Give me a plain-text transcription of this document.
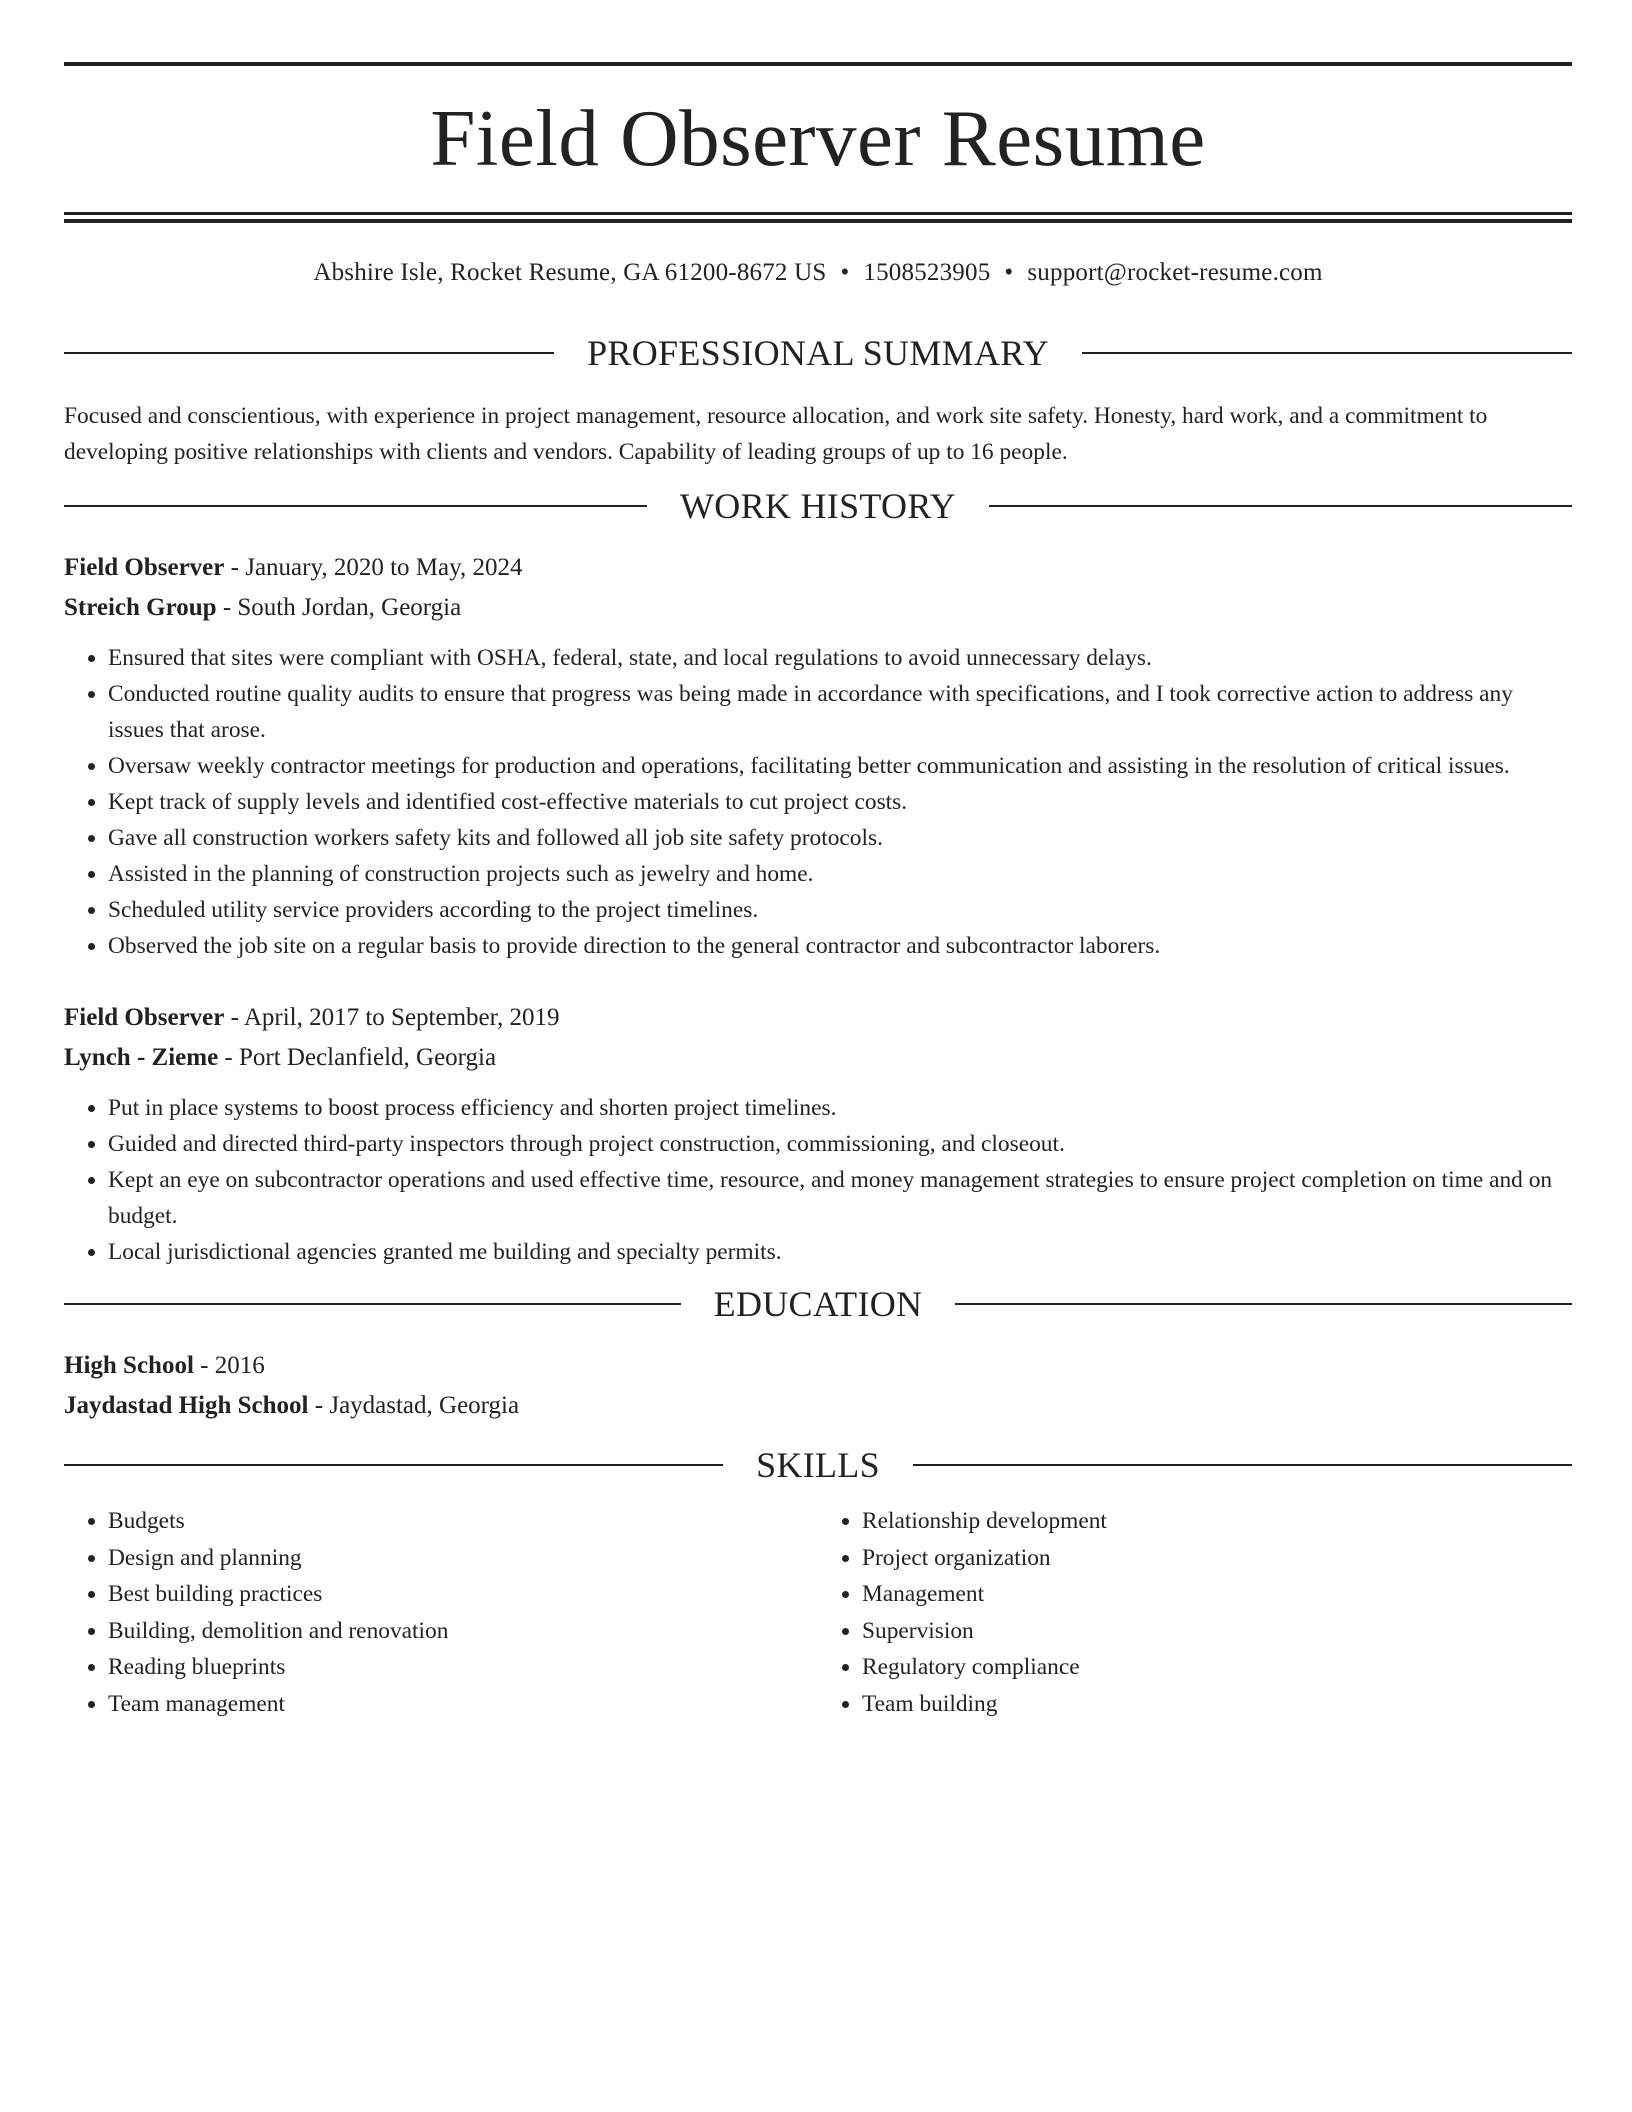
Field Observer Resume
Abshire Isle, Rocket Resume, GA 61200-8672 US • 1508523905 • support@rocket-resume.com
PROFESSIONAL SUMMARY
Focused and conscientious, with experience in project management, resource allocation, and work site safety. Honesty, hard work, and a commitment to developing positive relationships with clients and vendors. Capability of leading groups of up to 16 people.
WORK HISTORY
Field Observer - January, 2020 to May, 2024
Streich Group - South Jordan, Georgia
• Ensured that sites were compliant with OSHA, federal, state, and local regulations to avoid unnecessary delays.
• Conducted routine quality audits to ensure that progress was being made in accordance with specifications, and I took corrective action to address any issues that arose.
• Oversaw weekly contractor meetings for production and operations, facilitating better communication and assisting in the resolution of critical issues.
• Kept track of supply levels and identified cost-effective materials to cut project costs.
• Gave all construction workers safety kits and followed all job site safety protocols.
• Assisted in the planning of construction projects such as jewelry and home.
• Scheduled utility service providers according to the project timelines.
• Observed the job site on a regular basis to provide direction to the general contractor and subcontractor laborers.
Field Observer - April, 2017 to September, 2019
Lynch - Zieme - Port Declanfield, Georgia
• Put in place systems to boost process efficiency and shorten project timelines.
• Guided and directed third-party inspectors through project construction, commissioning, and closeout.
• Kept an eye on subcontractor operations and used effective time, resource, and money management strategies to ensure project completion on time and on budget.
• Local jurisdictional agencies granted me building and specialty permits.
EDUCATION
High School - 2016
Jaydastad High School - Jaydastad, Georgia
SKILLS
• Budgets
• Design and planning
• Best building practices
• Building, demolition and renovation
• Reading blueprints
• Team management
• Relationship development
• Project organization
• Management
• Supervision
• Regulatory compliance
• Team building
